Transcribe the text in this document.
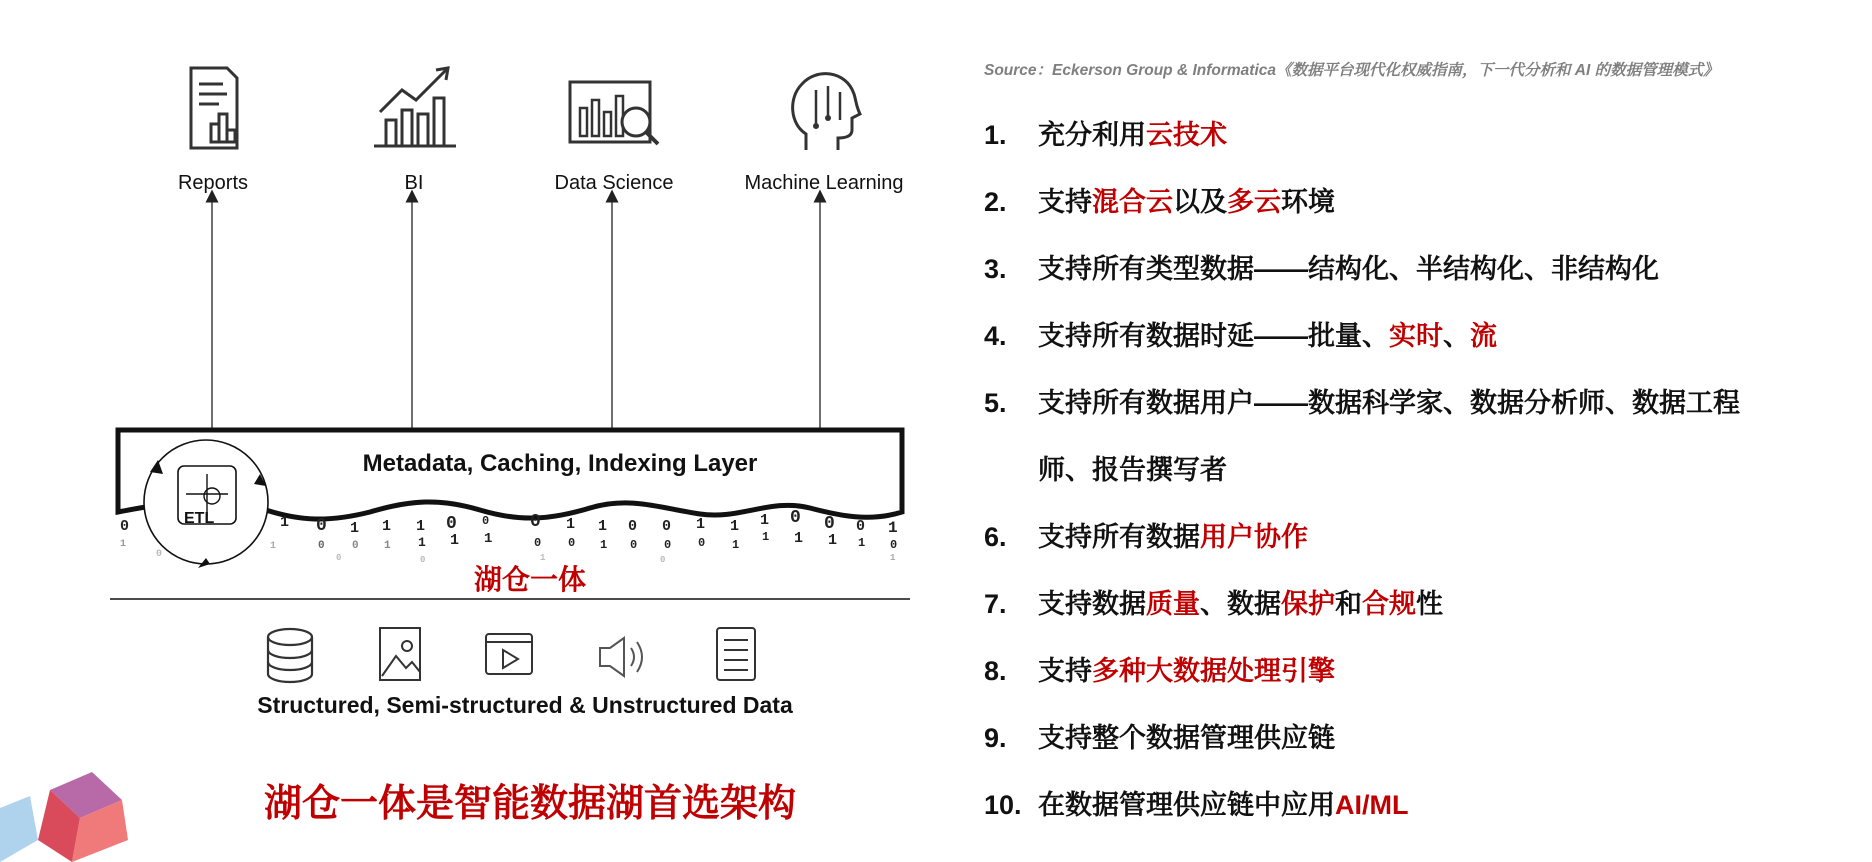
0
1
0
1
1
0
0
1
0
1
1
1
1
0
1
0
1
0
0
1
0
1
1
0
0
0
0
1
0
1
1
1
1
0
1
0
1
0
1
1
0
1
0	0	1	0
Reports	BI	Data Science	Machine Learning
Metadata, Caching, Indexing Layer
ETL
湖仓一体
Structured, Semi-structured & Unstructured Data
湖仓一体是智能数据湖首选架构
Source：Eckerson Group & Informatica《数据平台现代化权威指南，下一代分析和 AI 的数据管理模式》
1. 充分利用云技术
2. 支持混合云以及多云环境
3. 支持所有类型数据——结构化、半结构化、非结构化
4. 支持所有数据时延——批量、实时、流
5. 支持所有数据用户——数据科学家、数据分析师、数据工程
师、报告撰写者
6. 支持所有数据用户协作
7. 支持数据质量、数据保护和合规性
8. 支持多种大数据处理引擎
9. 支持整个数据管理供应链
10. 在数据管理供应链中应用AI/ML
